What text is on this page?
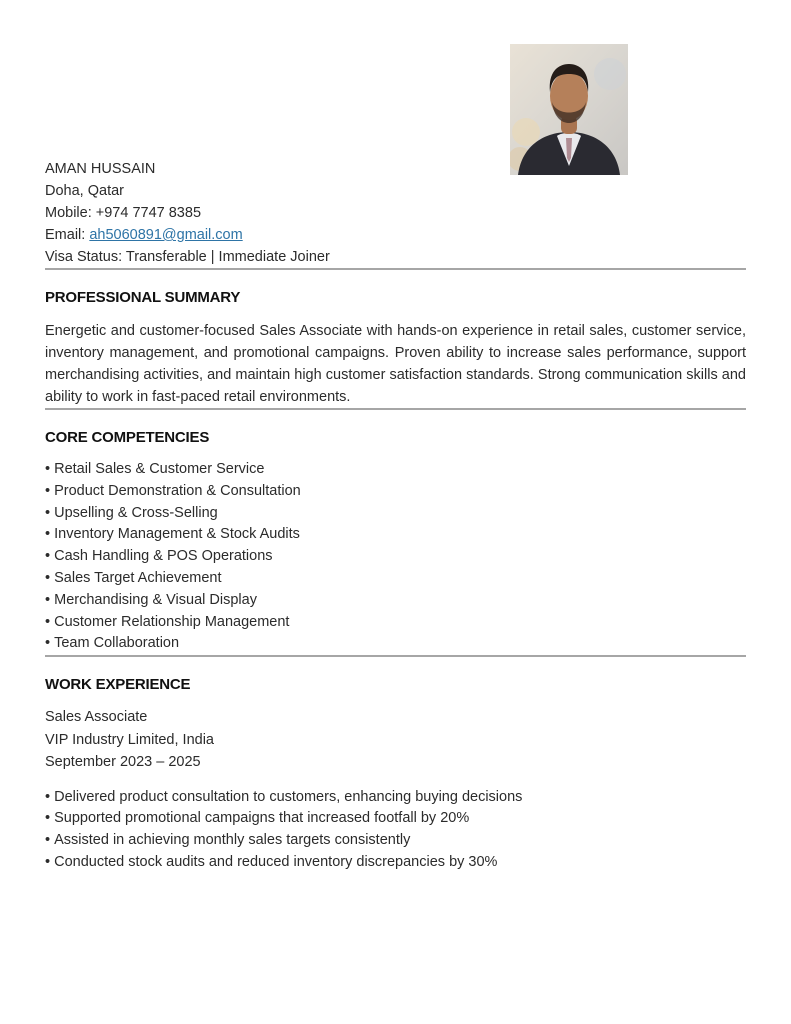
AMAN HUSSAIN
Doha, Qatar
Mobile: +974 7747 8385
Email: ah5060891@gmail.com
Visa Status: Transferable | Immediate Joiner
PROFESSIONAL SUMMARY

Energetic and customer-focused Sales Associate with hands-on experience in retail sales, customer service, inventory management, and promotional campaigns. Proven ability to increase sales performance, support merchandising activities, and maintain high customer satisfaction standards. Strong communication skills and ability to work in fast-paced retail environments.

CORE COMPETENCIES
• Retail Sales & Customer Service
• Product Demonstration & Consultation
• Upselling & Cross-Selling
• Inventory Management & Stock Audits
• Cash Handling & POS Operations
• Sales Target Achievement
• Merchandising & Visual Display
• Customer Relationship Management
• Team Collaboration
WORK EXPERIENCE
Sales Associate
VIP Industry Limited, India
September 2023 – 2025
• Delivered product consultation to customers, enhancing buying decisions
• Supported promotional campaigns that increased footfall by 20%
• Assisted in achieving monthly sales targets consistently
• Conducted stock audits and reduced inventory discrepancies by 30%
